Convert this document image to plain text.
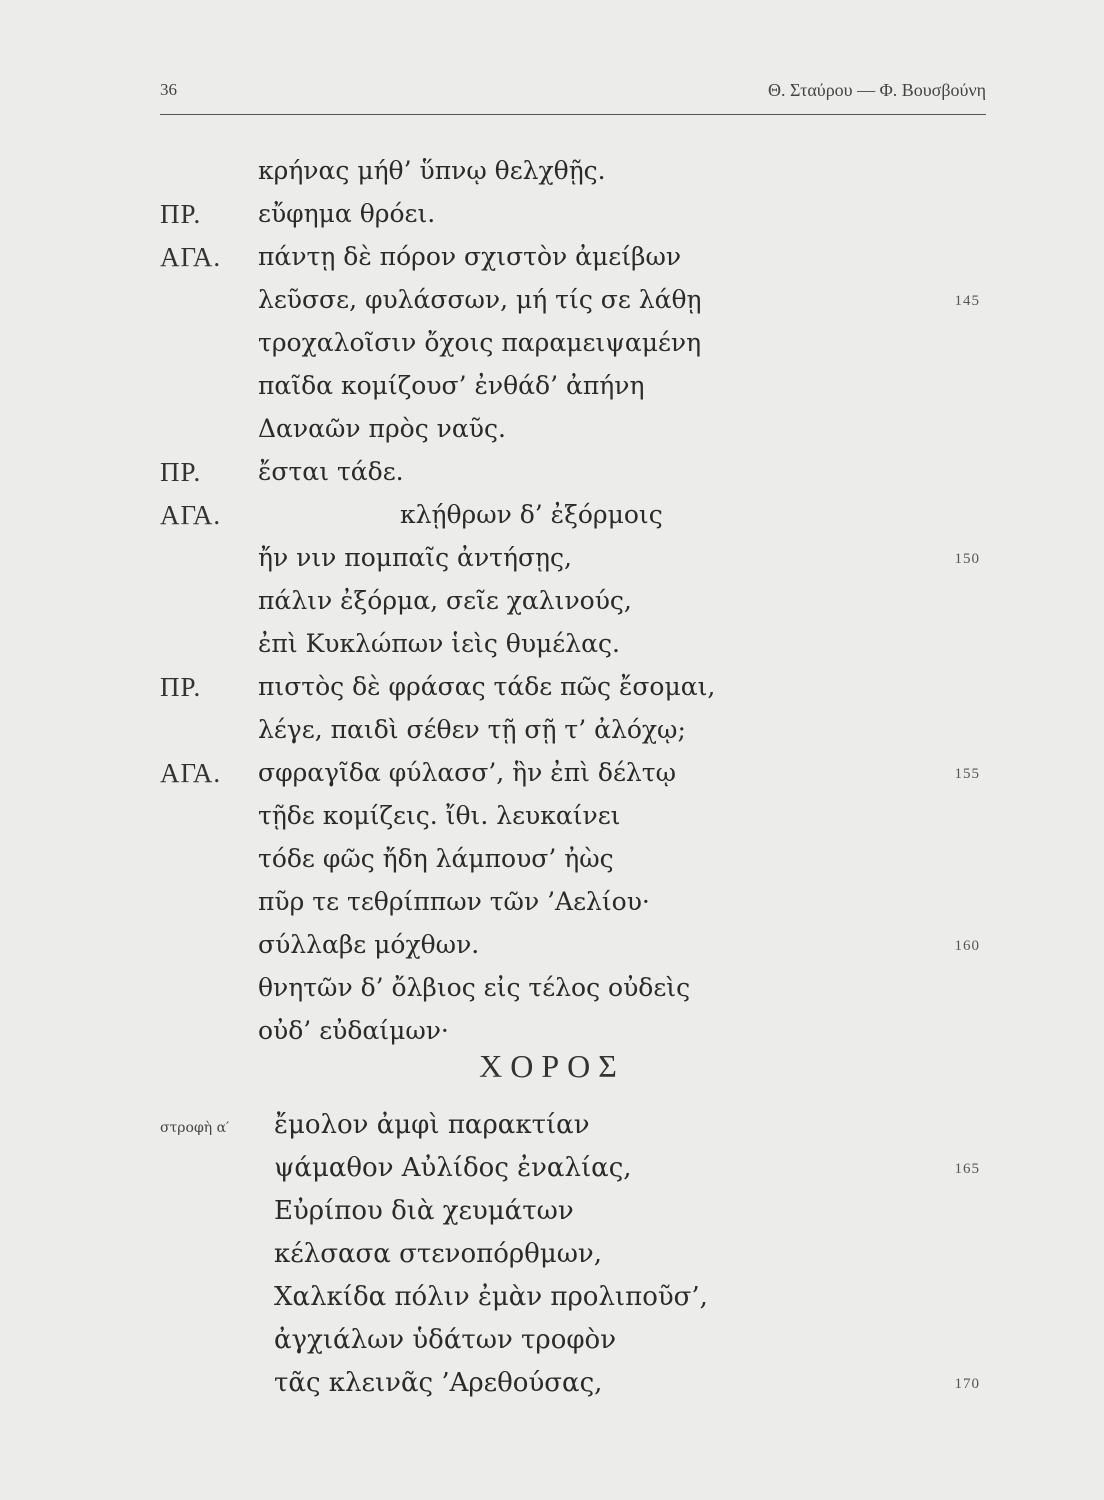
36	Θ. Σταύρου — Φ. Βουσβούνη
κρήνας μήθ’ ὕπνῳ θελχθῇς.
ΠΡ. εὔφημα θρόει.
ΑΓΑ. πάντῃ δὲ πόρον σχιστὸν ἀμείβων
λεῦσσε, φυλάσσων, μή τίς σε λάθῃ	145
τροχαλοῖσιν ὄχοις παραμειψαμένη
παῖδα κομίζουσ’ ἐνθάδ’ ἀπήνη
Δαναῶν πρὸς ναῦς.
ΠΡ. ἔσται τάδε.
ΑΓΑ.	κλῄθρων δ’ ἐξόρμοις
ἤν νιν πομπαῖς ἀντήσῃς,	150
πάλιν ἐξόρμα, σεῖε χαλινούς,
ἐπὶ Κυκλώπων ἱεὶς θυμέλας.
ΠΡ. πιστὸς δὲ φράσας τάδε πῶς ἔσομαι,
λέγε, παιδὶ σέθεν τῇ σῇ τ’ ἀλόχῳ;
ΑΓΑ. σφραγῖδα φύλασσ’, ἣν ἐπὶ δέλτῳ	155
τῇδε κομίζεις. ἴθι. λευκαίνει
τόδε φῶς ἤδη λάμπουσ’ ἠὼς
πῦρ τε τεθρίππων τῶν ’Αελίου·
σύλλαβε μόχθων.	160
θνητῶν δ’ ὄλβιος εἰς τέλος οὐδεὶς
οὐδ’ εὐδαίμων·
ΧΟΡΟΣ
στροφὴ α′ ἔμολον ἀμφὶ παρακτίαν
ψάμαθον Αὐλίδος ἐναλίας,	165
Εὐρίπου διὰ χευμάτων
κέλσασα στενοπόρθμων,
Χαλκίδα πόλιν ἐμὰν προλιποῦσ’,
ἀγχιάλων ὑδάτων τροφὸν
τᾶς κλεινᾶς ’Αρεθούσας,	170
